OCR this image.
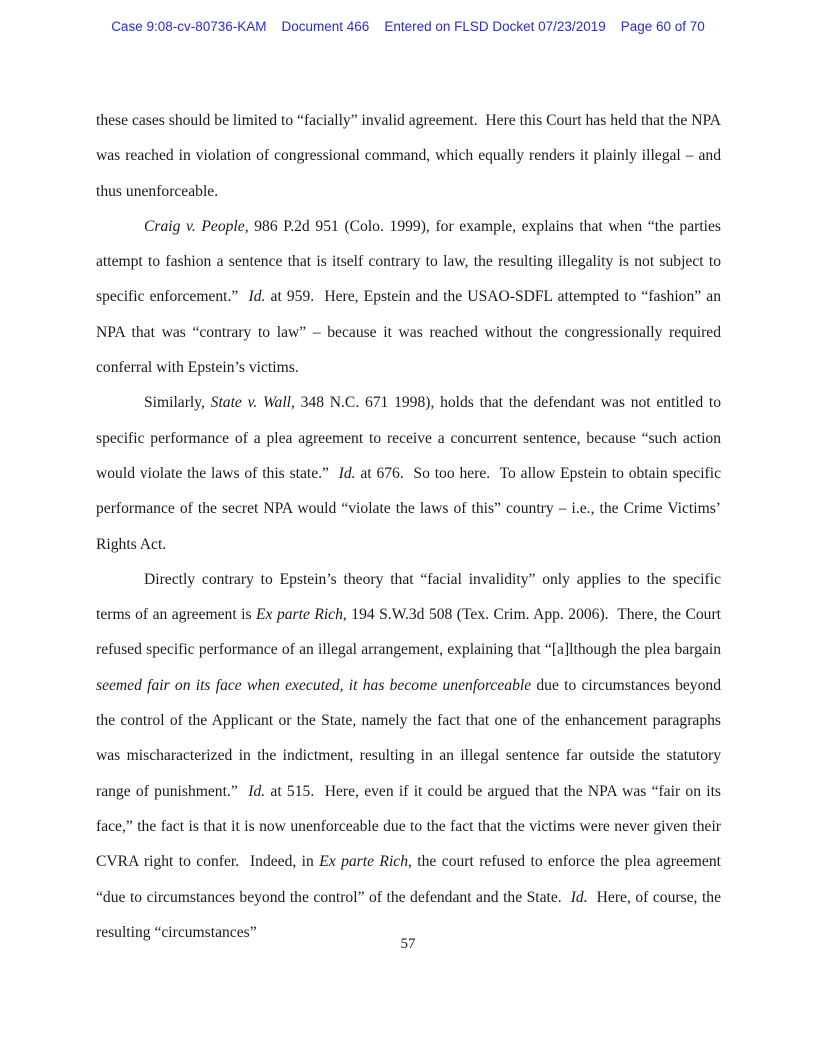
Case 9:08-cv-80736-KAM Document 466 Entered on FLSD Docket 07/23/2019 Page 60 of 70

these cases should be limited to “facially” invalid agreement.  Here this Court has held that the NPA was reached in violation of congressional command, which equally renders it plainly illegal – and thus unenforceable.

Craig v. People, 986 P.2d 951 (Colo. 1999), for example, explains that when “the parties attempt to fashion a sentence that is itself contrary to law, the resulting illegality is not subject to specific enforcement.”  Id. at 959.  Here, Epstein and the USAO-SDFL attempted to “fashion” an NPA that was “contrary to law” – because it was reached without the congressionally required conferral with Epstein’s victims.

Similarly, State v. Wall, 348 N.C. 671 1998), holds that the defendant was not entitled to specific performance of a plea agreement to receive a concurrent sentence, because “such action would violate the laws of this state.”  Id. at 676.  So too here.  To allow Epstein to obtain specific performance of the secret NPA would “violate the laws of this” country – i.e., the Crime Victims’ Rights Act.

Directly contrary to Epstein’s theory that “facial invalidity” only applies to the specific terms of an agreement is Ex parte Rich, 194 S.W.3d 508 (Tex. Crim. App. 2006).  There, the Court refused specific performance of an illegal arrangement, explaining that “[a]lthough the plea bargain seemed fair on its face when executed, it has become unenforceable due to circumstances beyond the control of the Applicant or the State, namely the fact that one of the enhancement paragraphs was mischaracterized in the indictment, resulting in an illegal sentence far outside the statutory range of punishment.”  Id. at 515.  Here, even if it could be argued that the NPA was “fair on its face,” the fact is that it is now unenforceable due to the fact that the victims were never given their CVRA right to confer.  Indeed, in Ex parte Rich, the court refused to enforce the plea agreement “due to circumstances beyond the control” of the defendant and the State.  Id.  Here, of course, the resulting “circumstances”

57
